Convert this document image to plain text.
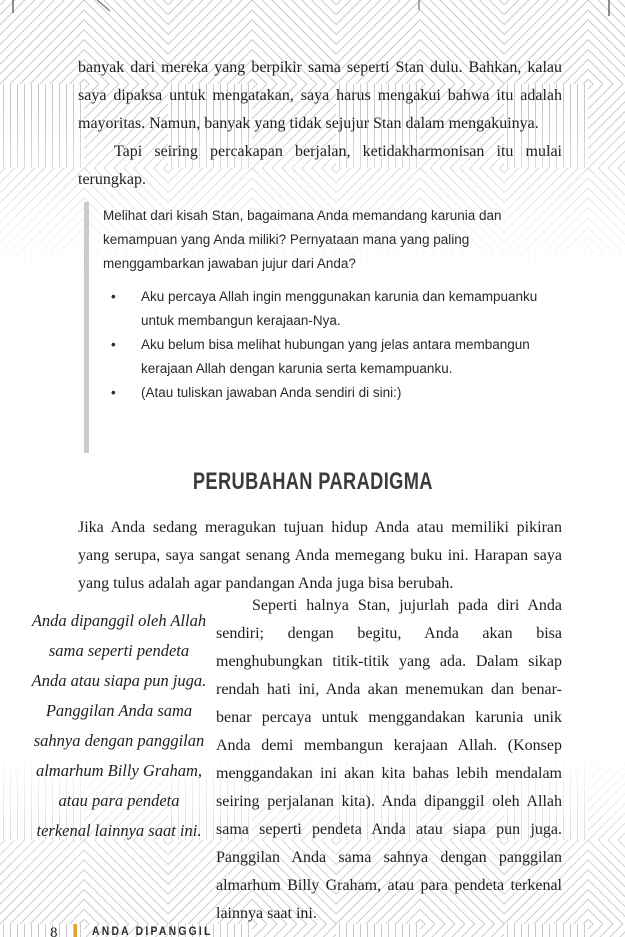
banyak dari mereka yang berpikir sama seperti Stan dulu. Bahkan, kalau saya dipaksa untuk mengatakan, saya harus mengakui bahwa itu adalah mayoritas. Namun, banyak yang tidak sejujur Stan dalam mengakuinya.

Tapi seiring percakapan berjalan, ketidakharmonisan itu mulai terungkap.

Melihat dari kisah Stan, bagaimana Anda memandang karunia dan kemampuan yang Anda miliki? Pernyataan mana yang paling menggambarkan jawaban jujur dari Anda?

•	Aku percaya Allah ingin menggunakan karunia dan kemampuanku untuk membangun kerajaan-Nya.
•	Aku belum bisa melihat hubungan yang jelas antara membangun kerajaan Allah dengan karunia serta kemampuanku.
•	(Atau tuliskan jawaban Anda sendiri di sini:)
PERUBAHAN PARADIGMA

Jika Anda sedang meragukan tujuan hidup Anda atau memiliki pikiran yang serupa, saya sangat senang Anda memegang buku ini. Harapan saya yang tulus adalah agar pandangan Anda juga bisa berubah.

Anda dipanggil oleh Allah sama seperti pendeta Anda atau siapa pun juga. Panggilan Anda sama sahnya dengan panggilan almarhum Billy Graham, atau para pendeta terkenal lainnya saat ini.

Seperti halnya Stan, jujurlah pada diri Anda sendiri; dengan begitu, Anda akan bisa menghubungkan titik-titik yang ada. Dalam sikap rendah hati ini, Anda akan menemukan dan benar-benar percaya untuk menggandakan karunia unik Anda demi membangun kerajaan Allah. (Konsep menggandakan ini akan kita bahas lebih mendalam seiring perjalanan kita). Anda dipanggil oleh Allah sama seperti pendeta Anda atau siapa pun juga. Panggilan Anda sama sahnya dengan panggilan almarhum Billy Graham, atau para pendeta terkenal lainnya saat ini.

8	ANDA DIPANGGIL
